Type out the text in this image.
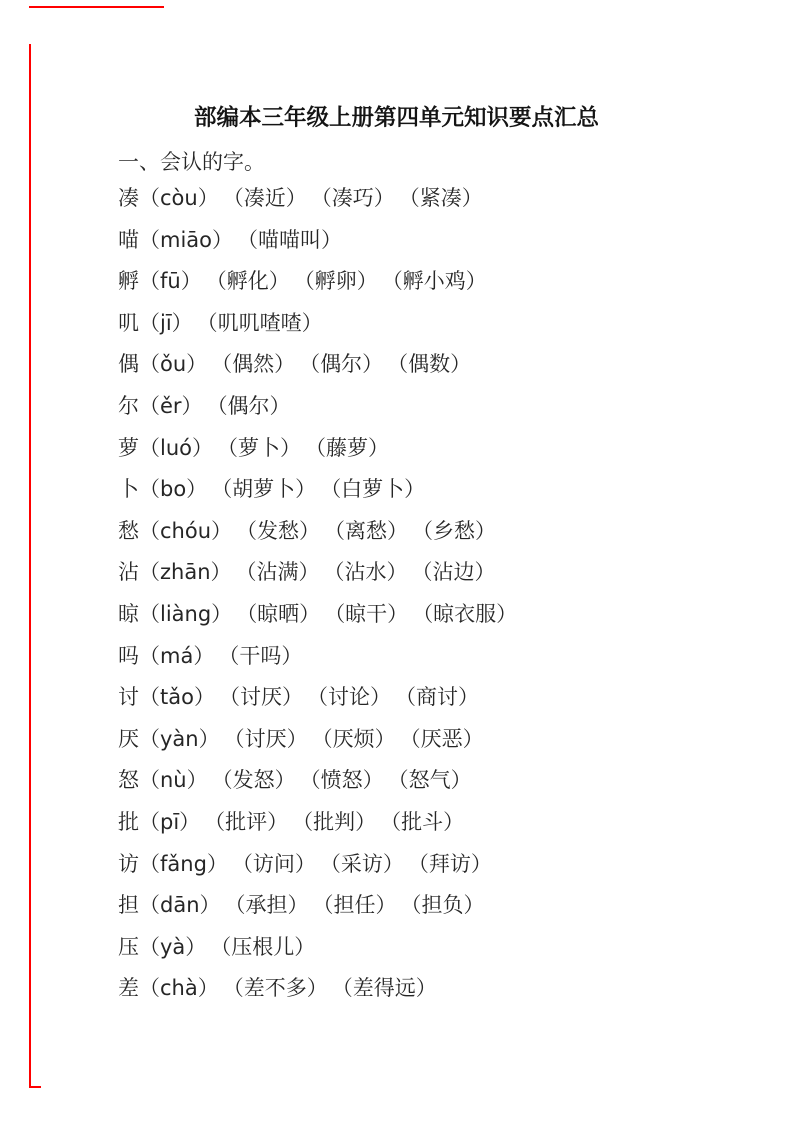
部编本三年级上册第四单元知识要点汇总
一、会认的字。

凑（còu） （凑近） （凑巧） （紧凑）

喵（miāo） （喵喵叫）

孵（fū） （孵化） （孵卵） （孵小鸡）

叽（jī） （叽叽喳喳）

偶（ǒu） （偶然） （偶尔） （偶数）

尔（ěr） （偶尔）

萝（luó） （萝卜） （藤萝）

卜（bo） （胡萝卜） （白萝卜）

愁（chóu） （发愁） （离愁） （乡愁）

沾（zhān） （沾满） （沾水） （沾边）

晾（liàng） （晾晒） （晾干） （晾衣服）

吗（má） （干吗）

讨（tǎo） （讨厌） （讨论） （商讨）

厌（yàn） （讨厌） （厌烦） （厌恶）

怒（nù） （发怒） （愤怒） （怒气）

批（pī） （批评） （批判） （批斗）

访（fǎng） （访问） （采访） （拜访）

担（dān） （承担） （担任） （担负）

压（yà） （压根儿）

差（chà） （差不多） （差得远）
